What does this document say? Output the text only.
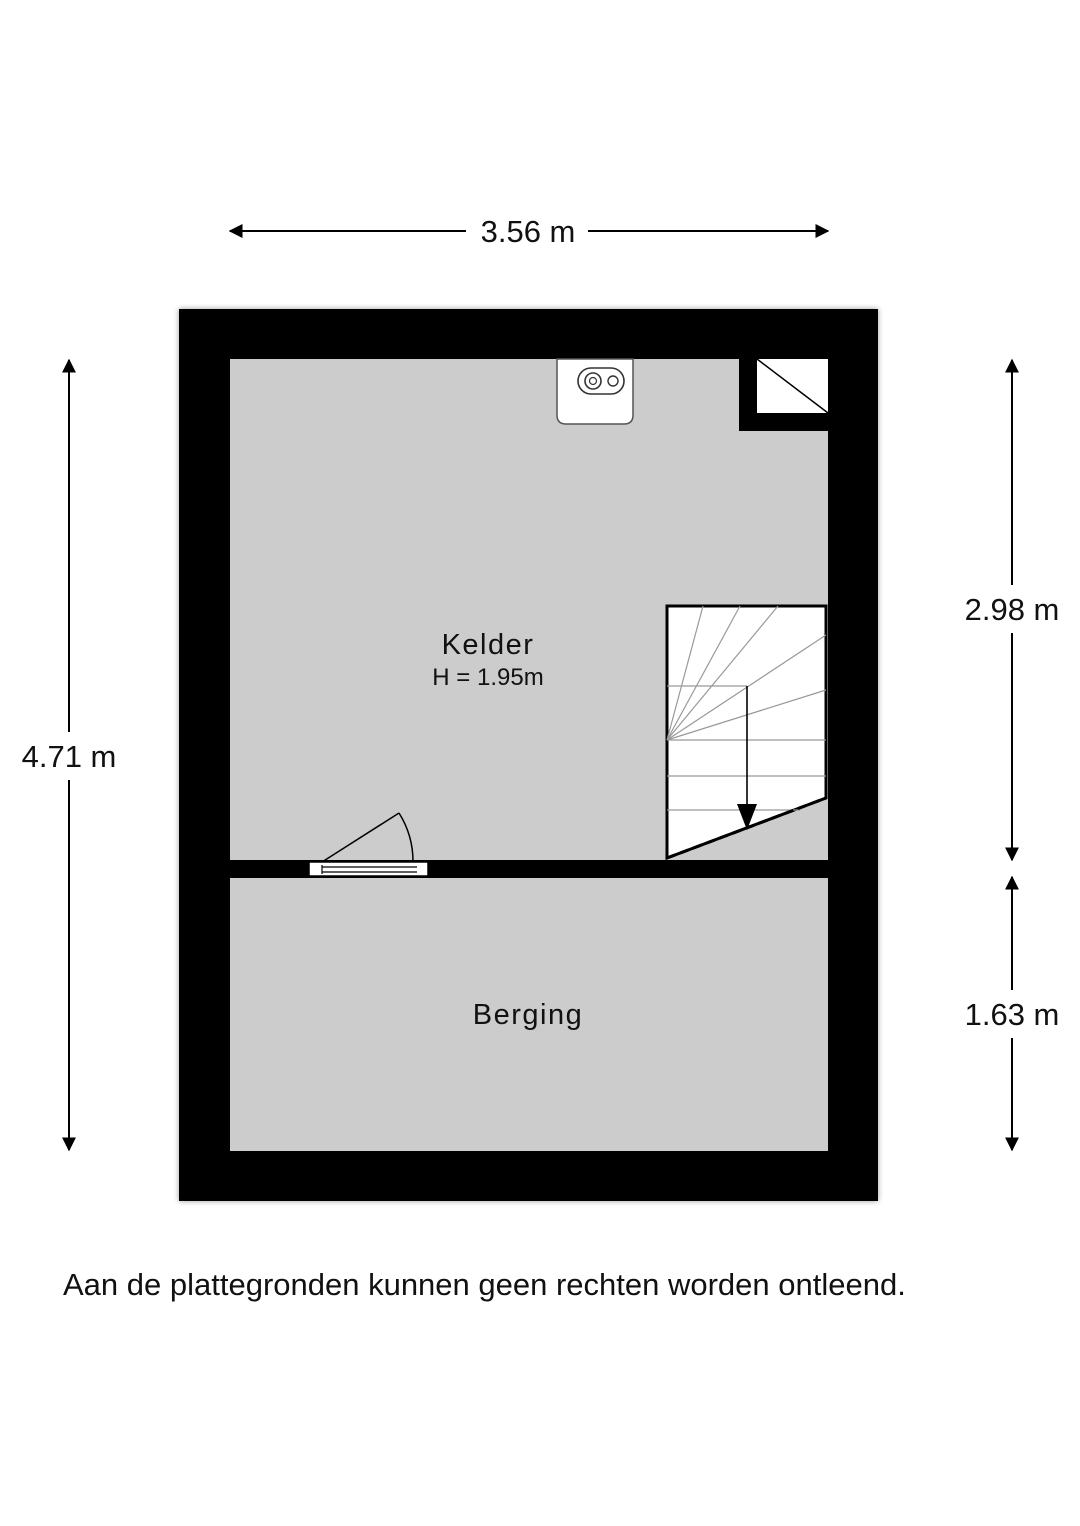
Kelder
H = 1.95m
Berging
3.56 m
4.71 m
2.98 m
1.63 m
Aan de plattegronden kunnen geen rechten worden ontleend.
